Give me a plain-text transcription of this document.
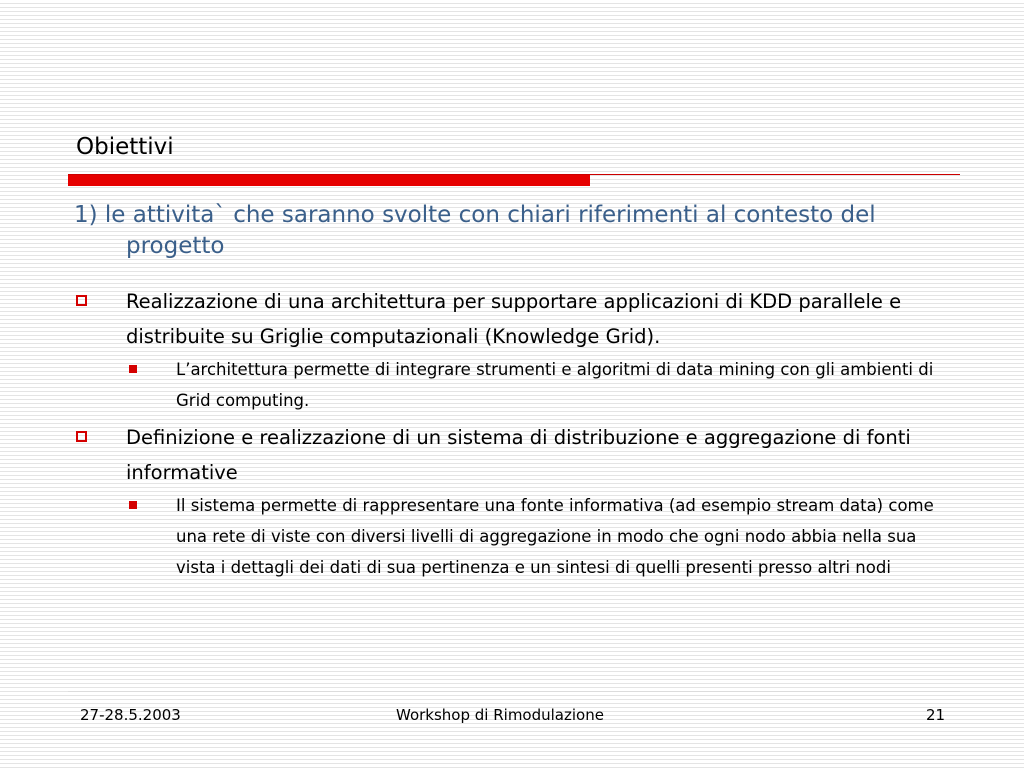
Obiettivi

1) le attivita` che saranno svolte con chiari riferimenti al contesto del progetto

Realizzazione di una architettura per supportare applicazioni di KDD parallele e distribuite su Griglie computazionali (Knowledge Grid).
L’architettura permette di integrare strumenti e algoritmi di data mining con gli ambienti di Grid computing.
Definizione e realizzazione di un sistema di distribuzione e aggregazione di fonti informative
Il sistema permette di rappresentare una fonte informativa (ad esempio stream data) come una rete di viste con diversi livelli di aggregazione in modo che ogni nodo abbia nella sua vista i dettagli dei dati di sua pertinenza e un sintesi di quelli presenti presso altri nodi
27-28.5.2003	Workshop di Rimodulazione	21
